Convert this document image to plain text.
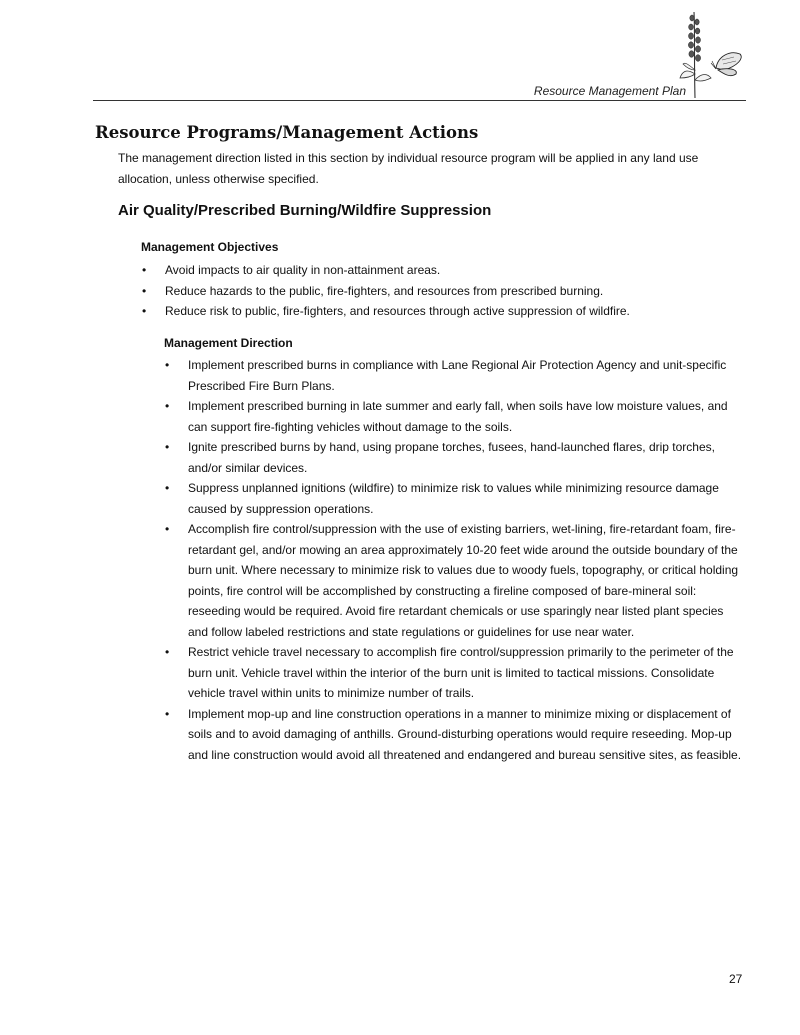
Resource Management Plan
Resource Programs/Management Actions

The management direction listed in this section by individual resource program will be applied in any land use allocation, unless otherwise specified.

Air Quality/Prescribed Burning/Wildfire Suppression
Management Objectives
• Avoid impacts to air quality in non-attainment areas.
• Reduce hazards to the public, fire-fighters, and resources from prescribed burning.
• Reduce risk to public, fire-fighters, and resources through active suppression of wildfire.
Management Direction
• Implement prescribed burns in compliance with Lane Regional Air Protection Agency and unit-specific Prescribed Fire Burn Plans.
• Implement prescribed burning in late summer and early fall, when soils have low moisture values, and can support fire-fighting vehicles without damage to the soils.
• Ignite prescribed burns by hand, using propane torches, fusees, hand-launched flares, drip torches, and/or similar devices.
• Suppress unplanned ignitions (wildfire) to minimize risk to values while minimizing resource damage caused by suppression operations.
• Accomplish fire control/suppression with the use of existing barriers, wet-lining, fire-retardant foam, fire-retardant gel, and/or mowing an area approximately 10-20 feet wide around the outside boundary of the burn unit. Where necessary to minimize risk to values due to woody fuels, topography, or critical holding points, fire control will be accomplished by constructing a fireline composed of bare-mineral soil: reseeding would be required. Avoid fire retardant chemicals or use sparingly near listed plant species and follow labeled restrictions and state regulations or guidelines for use near water.
• Restrict vehicle travel necessary to accomplish fire control/suppression primarily to the perimeter of the burn unit. Vehicle travel within the interior of the burn unit is limited to tactical missions. Consolidate vehicle travel within units to minimize number of trails.
• Implement mop-up and line construction operations in a manner to minimize mixing or displacement of soils and to avoid damaging of anthills. Ground-disturbing operations would require reseeding. Mop-up and line construction would avoid all threatened and endangered and bureau sensitive sites, as feasible.
27
